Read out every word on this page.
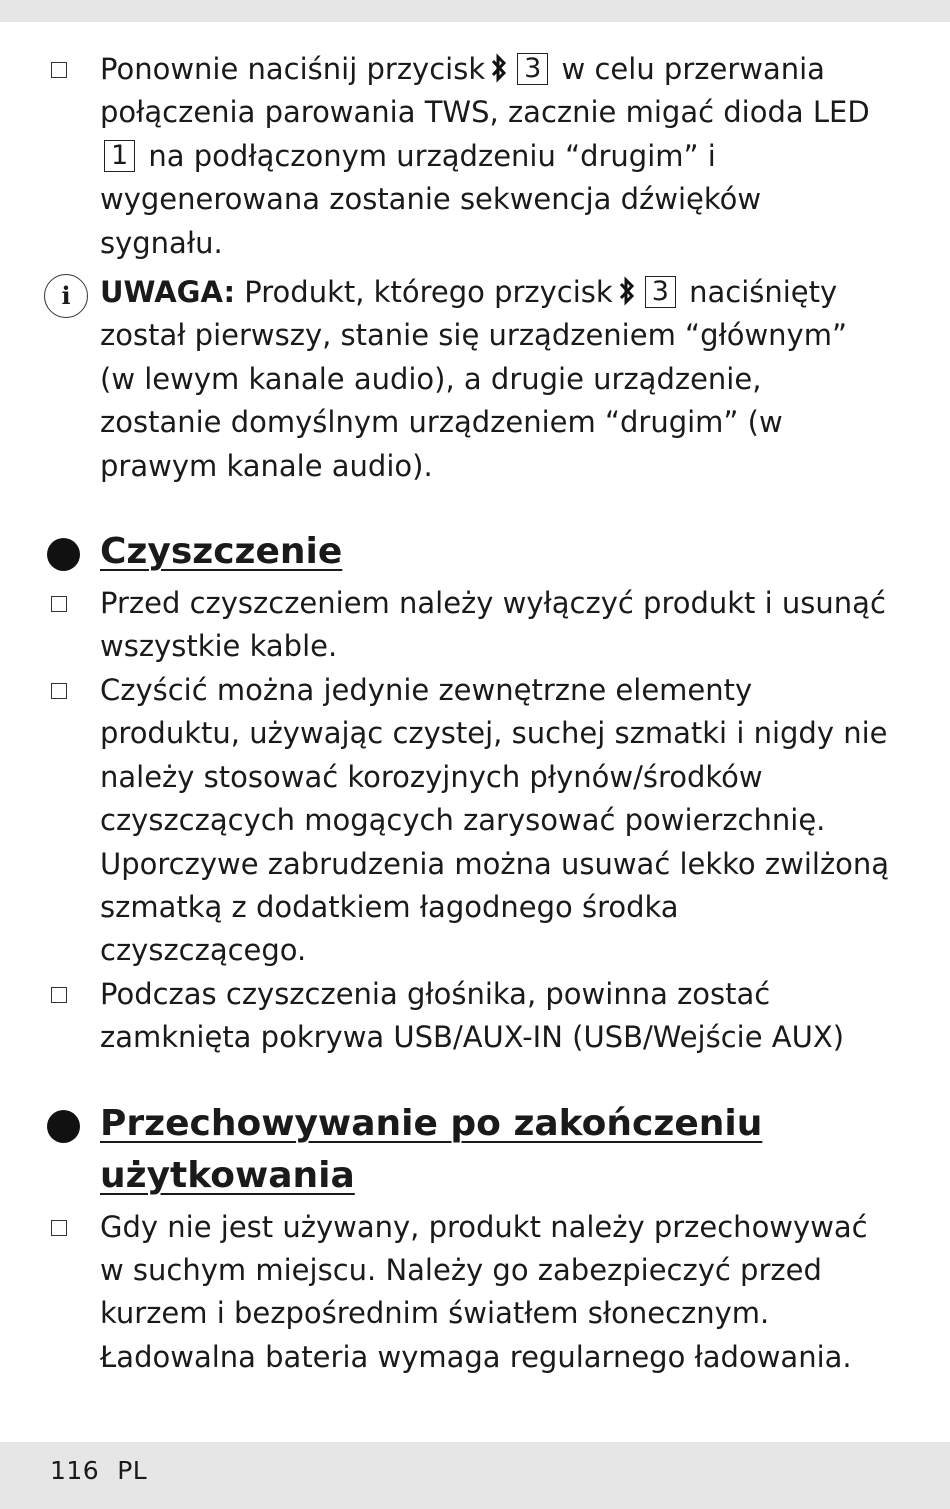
Ponownie naciśnij przycisk 3 w celu przerwania połączenia parowania TWS, zacznie migać dioda LED 1 na podłączonym urządzeniu “drugim” i wygenerowana zostanie sekwencja dźwięków sygnału.
i	UWAGA: Produkt, którego przycisk 3 naciśnięty został pierwszy, stanie się urządzeniem “głównym” (w lewym kanale audio), a drugie urządzenie, zostanie domyślnym urządzeniem “drugim” (w prawym kanale audio).
Czyszczenie
Przed czyszczeniem należy wyłączyć produkt i usunąć wszystkie kable.
Czyścić można jedynie zewnętrzne elementy produktu, używając czystej, suchej szmatki i nigdy nie należy stosować korozyjnych płynów/środków czyszczących mogących zarysować powierzchnię. Uporczywe zabrudzenia można usuwać lekko zwilżoną szmatką z dodatkiem łagodnego środka czyszczącego.
Podczas czyszczenia głośnika, powinna zostać zamknięta pokrywa USB/AUX-IN (USB/Wejście AUX)
Przechowywanie po zakończeniu użytkowania
Gdy nie jest używany, produkt należy przechowywać w suchym miejscu. Należy go zabezpieczyć przed kurzem i bezpośrednim światłem słonecznym. Ładowalna bateria wymaga regularnego ładowania.
116 PL
